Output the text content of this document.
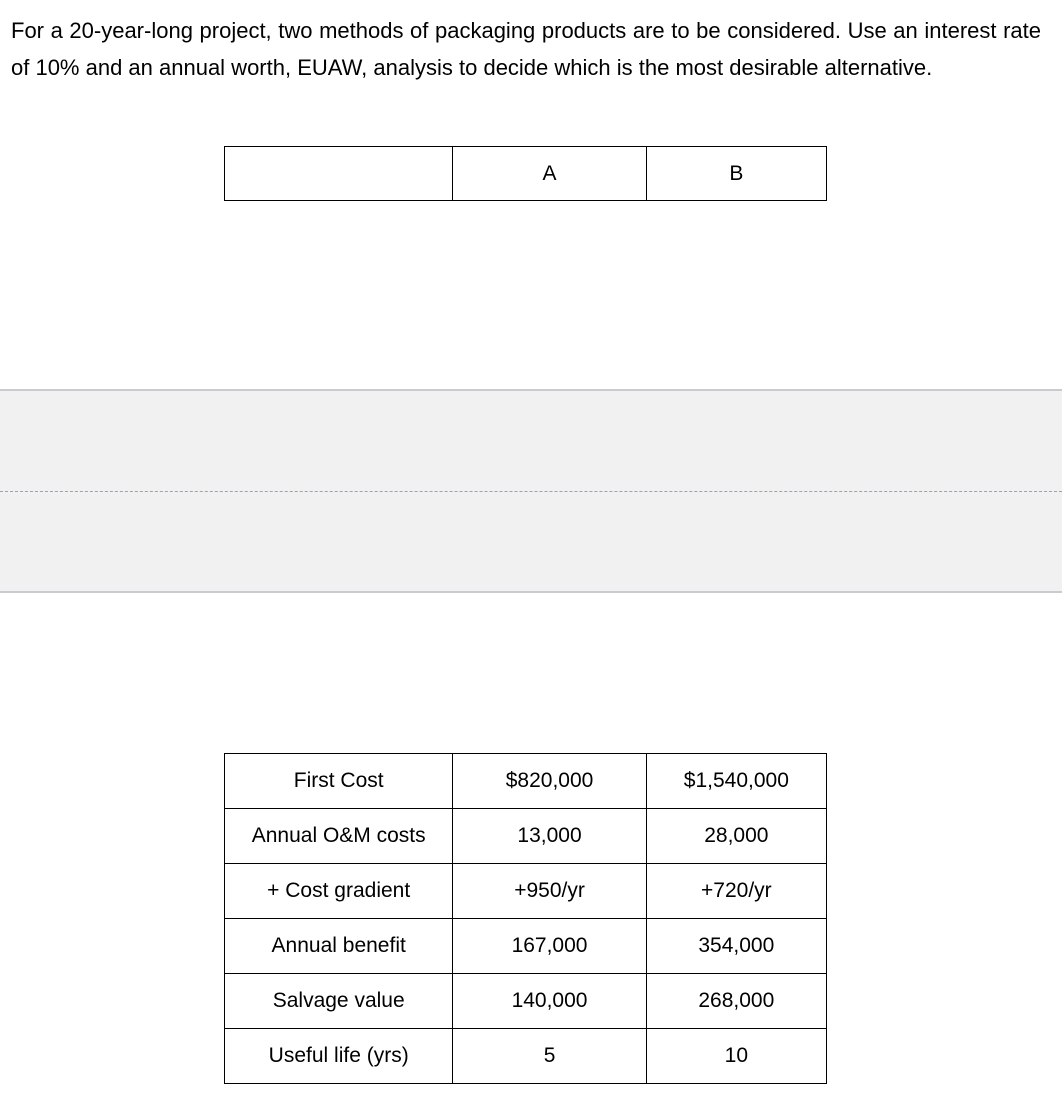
For a 20-year-long project, two methods of packaging products are to be considered. Use an interest rate of 10% and an annual worth, EUAW, analysis to decide which is the most desirable alternative.

	A	B
First Cost	$820,000	$1,540,000
Annual O&M costs	13,000	28,000
+ Cost gradient	+950/yr	+720/yr
Annual benefit	167,000	354,000
Salvage value	140,000	268,000
Useful life (yrs)	5	10
